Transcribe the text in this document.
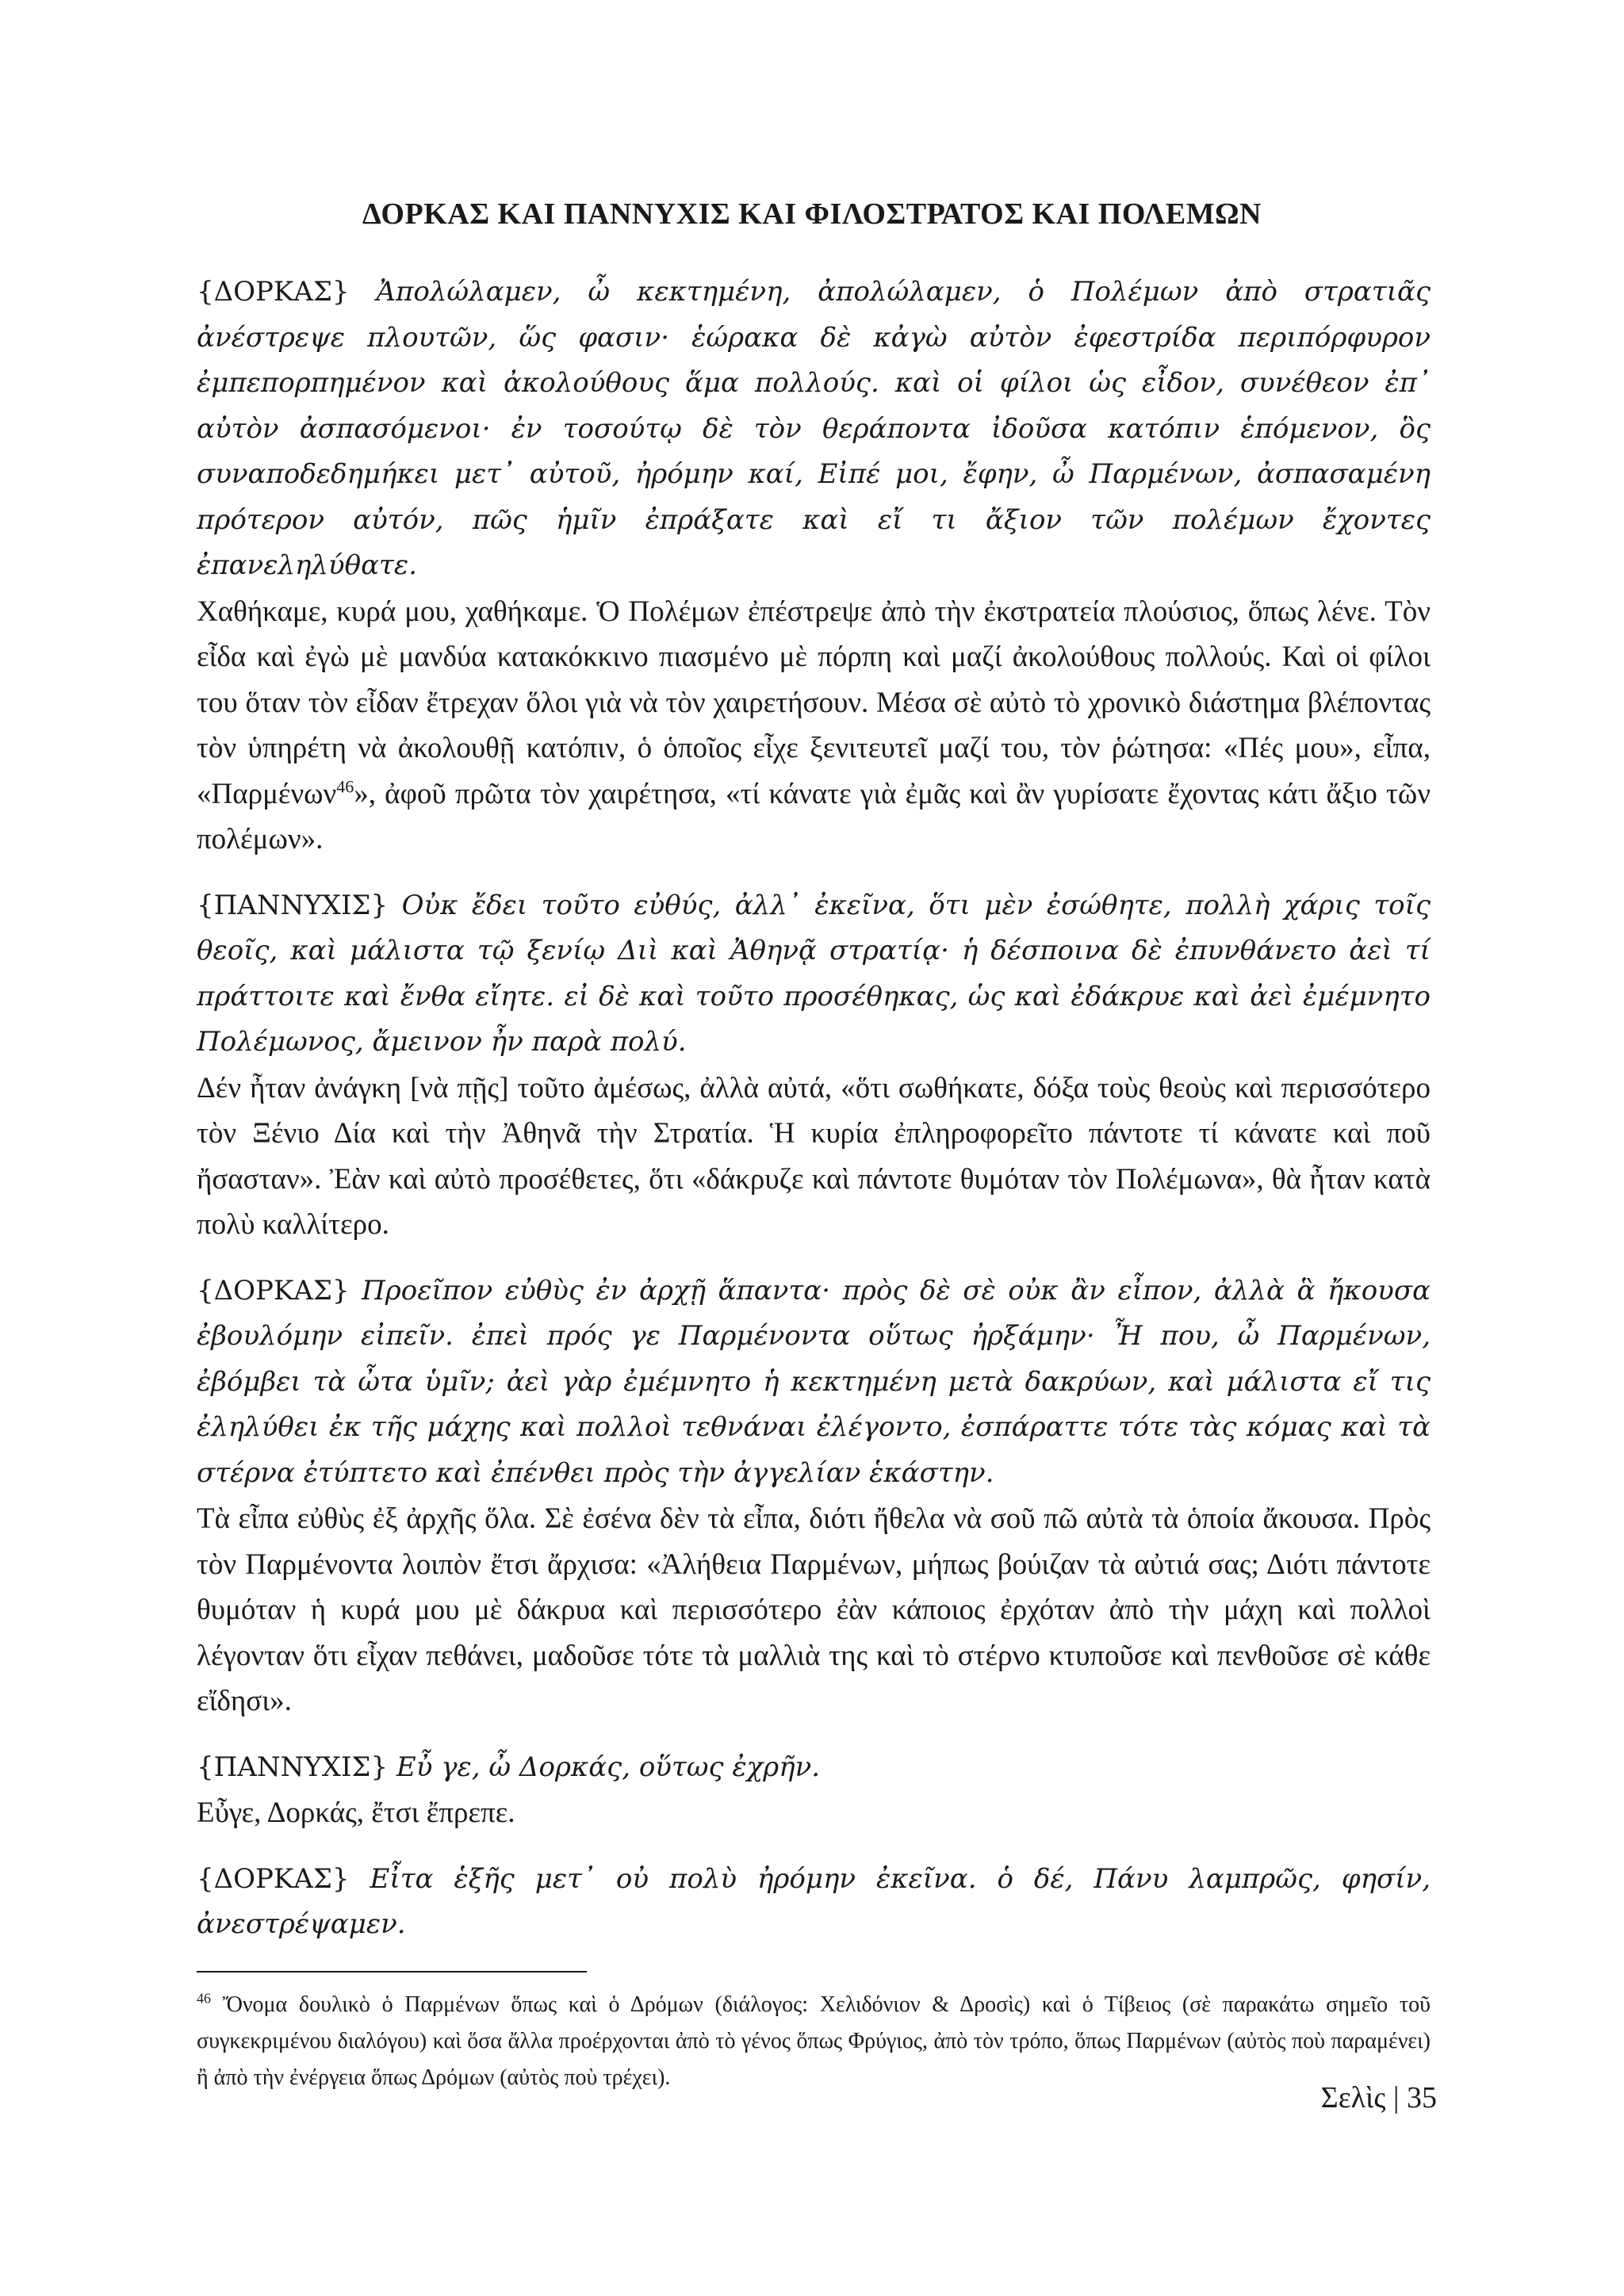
ΔΟΡΚΑΣ ΚΑΙ ΠΑΝΝΥΧΙΣ ΚΑΙ ΦΙΛΟΣΤΡΑΤΟΣ ΚΑΙ ΠΟΛΕΜΩΝ

{ΔΟΡΚΑΣ} Ἀπολώλαμεν, ὦ κεκτημένη, ἀπολώλαμεν, ὁ Πολέμων ἀπὸ στρατιᾶς ἀνέστρεψε πλουτῶν, ὥς φασιν· ἑώρακα δὲ κἀγὼ αὐτὸν ἐφεστρίδα περιπόρφυρον ἐμπεπορπημένον καὶ ἀκολούθους ἅμα πολλούς. καὶ οἱ φίλοι ὡς εἶδον, συνέθεον ἐπ᾽ αὐτὸν ἀσπασόμενοι· ἐν τοσούτῳ δὲ τὸν θεράποντα ἰδοῦσα κατόπιν ἑπόμενον, ὃς συναποδεδημήκει μετ᾽ αὐτοῦ, ἠρόμην καί, Εἰπέ μοι, ἔφην, ὦ Παρμένων, ἀσπασαμένη πρότερον αὐτόν, πῶς ἡμῖν ἐπράξατε καὶ εἴ τι ἄξιον τῶν πολέμων ἔχοντες ἐπανεληλύθατε.

Χαθήκαμε, κυρά μου, χαθήκαμε. Ὁ Πολέμων ἐπέστρεψε ἀπὸ τὴν ἐκστρατεία πλούσιος, ὅπως λένε. Τὸν εἶδα καὶ ἐγὼ μὲ μανδύα κατακόκκινο πιασμένο μὲ πόρπη καὶ μαζί ἀκολούθους πολλούς. Καὶ οἱ φίλοι του ὅταν τὸν εἶδαν ἔτρεχαν ὅλοι γιὰ νὰ τὸν χαιρετήσουν. Μέσα σὲ αὐτὸ τὸ χρονικὸ διάστημα βλέποντας τὸν ὑπηρέτη νὰ ἀκολουθῇ κατόπιν, ὁ ὁποῖος εἶχε ξενιτευτεῖ μαζί του, τὸν ῥώτησα: «Πές μου», εἶπα, «Παρμένων$^{46}$», ἀφοῦ πρῶτα τὸν χαιρέτησα, «τί κάνατε γιὰ ἐμᾶς καὶ ἂν γυρίσατε ἔχοντας κάτι ἄξιο τῶν πολέμων».

{ΠΑΝΝΥΧΙΣ} Οὐκ ἔδει τοῦτο εὐθύς, ἀλλ᾽ ἐκεῖνα, ὅτι μὲν ἐσώθητε, πολλὴ χάρις τοῖς θεοῖς, καὶ μάλιστα τῷ ξενίῳ Διὶ καὶ Ἀθηνᾷ στρατίᾳ· ἡ δέσποινα δὲ ἐπυνθάνετο ἀεὶ τί πράττοιτε καὶ ἔνθα εἴητε. εἰ δὲ καὶ τοῦτο προσέθηκας, ὡς καὶ ἐδάκρυε καὶ ἀεὶ ἐμέμνητο Πολέμωνος, ἄμεινον ἦν παρὰ πολύ.

Δέν ἦταν ἀνάγκη [νὰ πῇς] τοῦτο ἀμέσως, ἀλλὰ αὐτά, «ὅτι σωθήκατε, δόξα τοὺς θεοὺς καὶ περισσότερο τὸν Ξένιο Δία καὶ τὴν Ἀθηνᾶ τὴν Στρατία. Ἡ κυρία ἐπληροφορεῖτο πάντοτε τί κάνατε καὶ ποῦ ἤσασταν». Ἐὰν καὶ αὐτὸ προσέθετες, ὅτι «δάκρυζε καὶ πάντοτε θυμόταν τὸν Πολέμωνα», θὰ ἦταν κατὰ πολὺ καλλίτερο.

{ΔΟΡΚΑΣ} Προεῖπον εὐθὺς ἐν ἀρχῇ ἅπαντα· πρὸς δὲ σὲ οὐκ ἂν εἶπον, ἀλλὰ ἃ ἤκουσα ἐβουλόμην εἰπεῖν. ἐπεὶ πρός γε Παρμένοντα οὕτως ἠρξάμην· Ἦ που, ὦ Παρμένων, ἐβόμβει τὰ ὦτα ὑμῖν; ἀεὶ γὰρ ἐμέμνητο ἡ κεκτημένη μετὰ δακρύων, καὶ μάλιστα εἴ τις ἐληλύθει ἐκ τῆς μάχης καὶ πολλοὶ τεθνάναι ἐλέγοντο, ἐσπάραττε τότε τὰς κόμας καὶ τὰ στέρνα ἐτύπτετο καὶ ἐπένθει πρὸς τὴν ἀγγελίαν ἑκάστην.

Τὰ εἶπα εὐθὺς ἐξ ἀρχῆς ὅλα. Σὲ ἐσένα δὲν τὰ εἶπα, διότι ἤθελα νὰ σοῦ πῶ αὐτὰ τὰ ὁποία ἄκουσα. Πρὸς τὸν Παρμένοντα λοιπὸν ἔτσι ἄρχισα: «Ἀλήθεια Παρμένων, μήπως βούιζαν τὰ αὐτιά σας; Διότι πάντοτε θυμόταν ἡ κυρά μου μὲ δάκρυα καὶ περισσότερο ἐὰν κάποιος ἐρχόταν ἀπὸ τὴν μάχη καὶ πολλοὶ λέγονταν ὅτι εἶχαν πεθάνει, μαδοῦσε τότε τὰ μαλλιὰ της καὶ τὸ στέρνο κτυποῦσε καὶ πενθοῦσε σὲ κάθε εἴδησι».

{ΠΑΝΝΥΧΙΣ} Εὖ γε, ὦ Δορκάς, οὕτως ἐχρῆν.

Εὖγε, Δορκάς, ἔτσι ἔπρεπε.

{ΔΟΡΚΑΣ} Εἶτα ἑξῆς μετ᾽ οὐ πολὺ ἠρόμην ἐκεῖνα. ὁ δέ, Πάνυ λαμπρῶς, φησίν, ἀνεστρέψαμεν.

$^{46}$ Ὄνομα δουλικὸ ὁ Παρμένων ὅπως καὶ ὁ Δρόμων (διάλογος: Χελιδόνιον & Δροσὶς) καὶ ὁ Τίβειος (σὲ παρακάτω σημεῖο τοῦ συγκεκριμένου διαλόγου) καὶ ὅσα ἄλλα προέρχονται ἀπὸ τὸ γένος ὅπως Φρύγιος, ἀπὸ τὸν τρόπο, ὅπως Παρμένων (αὐτὸς ποὺ παραμένει) ἢ ἀπὸ τὴν ἐνέργεια ὅπως Δρόμων (αὐτὸς ποὺ τρέχει).
Σελὶς | 35
